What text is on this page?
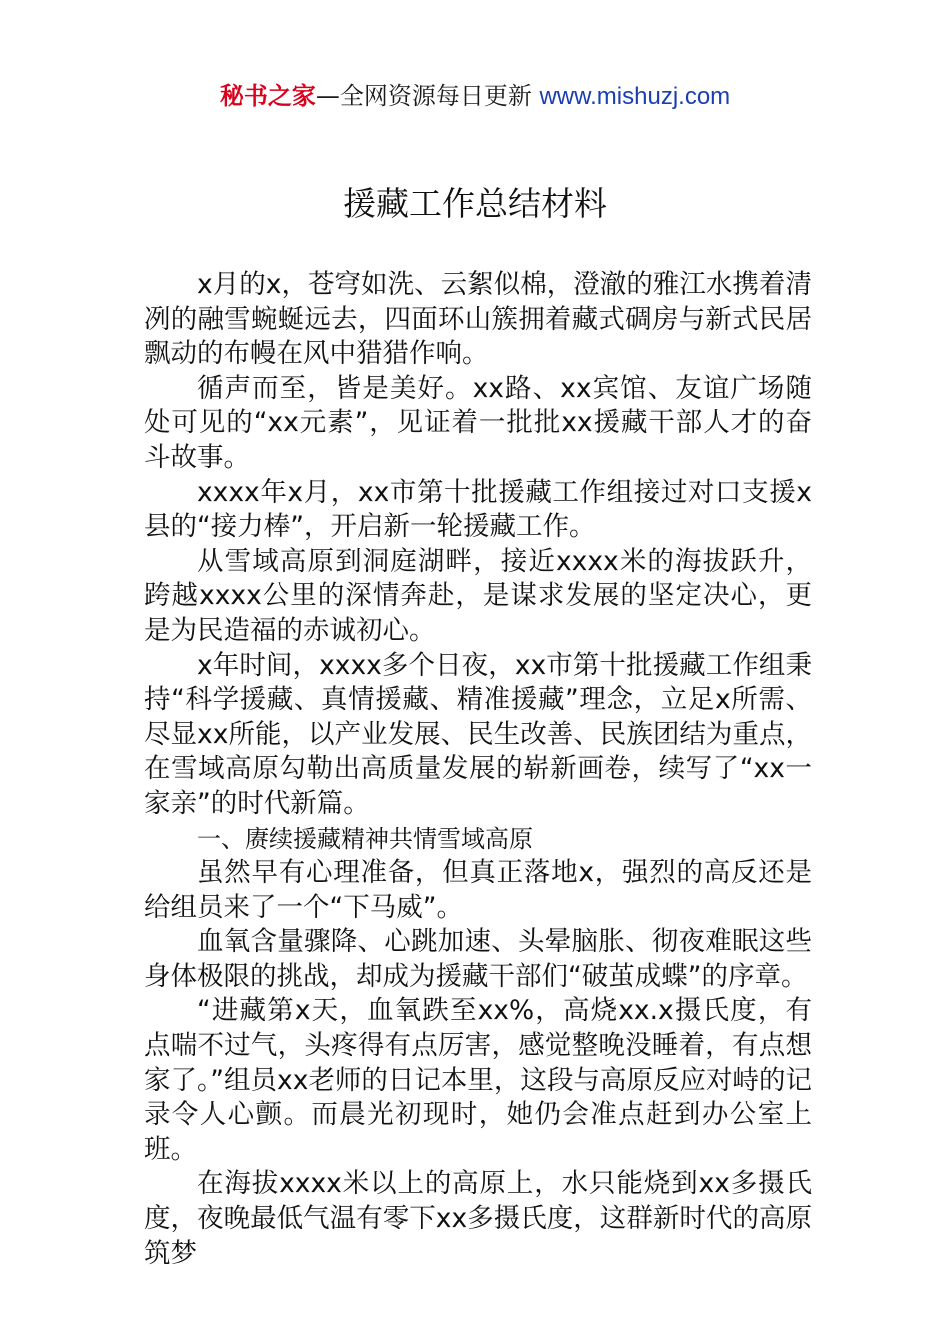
秘书之家—全网资源每日更新 www.mishuzj.com
援藏工作总结材料

x月的x，苍穹如洗、云絮似棉，澄澈的雅江水携着清冽的融雪蜿蜒远去，四面环山簇拥着藏式碉房与新式民居飘动的布幔在风中猎猎作响。

循声而至，皆是美好。xx路、xx宾馆、友谊广场随处可见的“xx元素”，见证着一批批xx援藏干部人才的奋斗故事。

xxxx年x月，xx市第十批援藏工作组接过对口支援x县的“接力棒”，开启新一轮援藏工作。

从雪域高原到洞庭湖畔，接近xxxx米的海拔跃升，跨越xxxx公里的深情奔赴，是谋求发展的坚定决心，更是为民造福的赤诚初心。

x年时间，xxxx多个日夜，xx市第十批援藏工作组秉持“科学援藏、真情援藏、精准援藏”理念，立足x所需、尽显xx所能，以产业发展、民生改善、民族团结为重点，在雪域高原勾勒出高质量发展的崭新画卷，续写了“xx一家亲”的时代新篇。

一、赓续援藏精神共情雪域高原

虽然早有心理准备，但真正落地x，强烈的高反还是给组员来了一个“下马威”。

血氧含量骤降、心跳加速、头晕脑胀、彻夜难眠这些身体极限的挑战，却成为援藏干部们“破茧成蝶”的序章。

“进藏第x天，血氧跌至xx%，高烧xx.x摄氏度，有点喘不过气，头疼得有点厉害，感觉整晚没睡着，有点想家了。”组员xx老师的日记本里，这段与高原反应对峙的记录令人心颤。而晨光初现时，她仍会准点赶到办公室上班。

在海拔xxxx米以上的高原上，水只能烧到xx多摄氏度，夜晚最低气温有零下xx多摄氏度，这群新时代的高原筑梦
